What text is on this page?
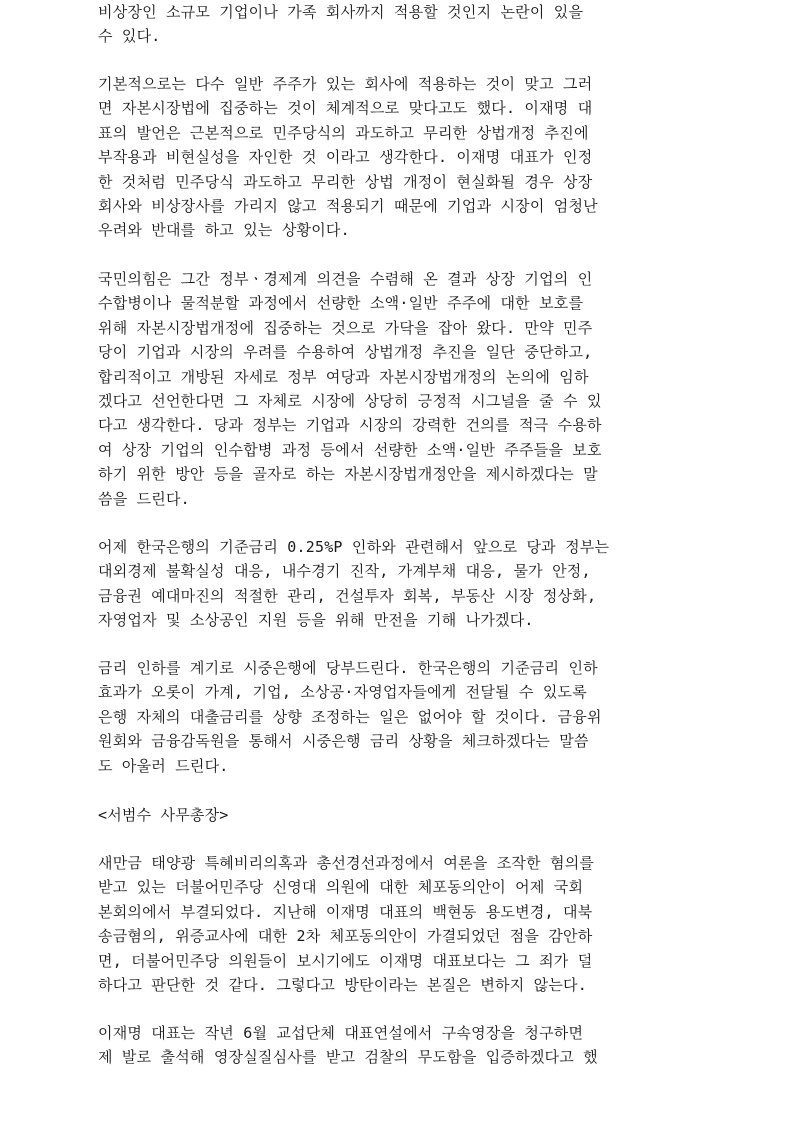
비상장인 소규모 기업이나 가족 회사까지 적용할 것인지 논란이 있을
수 있다.
기본적으로는 다수 일반 주주가 있는 회사에 적용하는 것이 맞고 그러
면 자본시장법에 집중하는 것이 체계적으로 맞다고도 했다. 이재명 대
표의 발언은 근본적으로 민주당식의 과도하고 무리한 상법개정 추진에
부작용과 비현실성을 자인한 것 이라고 생각한다. 이재명 대표가 인정
한 것처럼 민주당식 과도하고 무리한 상법 개정이 현실화될 경우 상장
회사와 비상장사를 가리지 않고 적용되기 때문에 기업과 시장이 엄청난
우려와 반대를 하고 있는 상황이다.
국민의힘은 그간 정부ㆍ경제계 의견을 수렴해 온 결과 상장 기업의 인
수합병이나 물적분할 과정에서 선량한 소액·일반 주주에 대한 보호를
위해 자본시장법개정에 집중하는 것으로 가닥을 잡아 왔다. 만약 민주
당이 기업과 시장의 우려를 수용하여 상법개정 추진을 일단 중단하고,
합리적이고 개방된 자세로 정부 여당과 자본시장법개정의 논의에 임하
겠다고 선언한다면 그 자체로 시장에 상당히 긍정적 시그널을 줄 수 있
다고 생각한다. 당과 정부는 기업과 시장의 강력한 건의를 적극 수용하
여 상장 기업의 인수합병 과정 등에서 선량한 소액·일반 주주들을 보호
하기 위한 방안 등을 골자로 하는 자본시장법개정안을 제시하겠다는 말
씀을 드린다.
어제 한국은행의 기준금리 0.25%P 인하와 관련해서 앞으로 당과 정부는
대외경제 불확실성 대응, 내수경기 진작, 가계부채 대응, 물가 안정,
금융권 예대마진의 적절한 관리, 건설투자 회복, 부동산 시장 정상화,
자영업자 및 소상공인 지원 등을 위해 만전을 기해 나가겠다.
금리 인하를 계기로 시중은행에 당부드린다. 한국은행의 기준금리 인하
효과가 오롯이 가계, 기업, 소상공·자영업자들에게 전달될 수 있도록
은행 자체의 대출금리를 상향 조정하는 일은 없어야 할 것이다. 금융위
원회와 금융감독원을 통해서 시중은행 금리 상황을 체크하겠다는 말씀
도 아울러 드린다.
<서범수 사무총장>
새만금 태양광 특혜비리의혹과 총선경선과정에서 여론을 조작한 혐의를
받고 있는 더불어민주당 신영대 의원에 대한 체포동의안이 어제 국회
본회의에서 부결되었다. 지난해 이재명 대표의 백현동 용도변경, 대북
송금혐의, 위증교사에 대한 2차 체포동의안이 가결되었던 점을 감안하
면, 더불어민주당 의원들이 보시기에도 이재명 대표보다는 그 죄가 덜
하다고 판단한 것 같다. 그렇다고 방탄이라는 본질은 변하지 않는다.
이재명 대표는 작년 6월 교섭단체 대표연설에서 구속영장을 청구하면
제 발로 출석해 영장실질심사를 받고 검찰의 무도함을 입증하겠다고 했
